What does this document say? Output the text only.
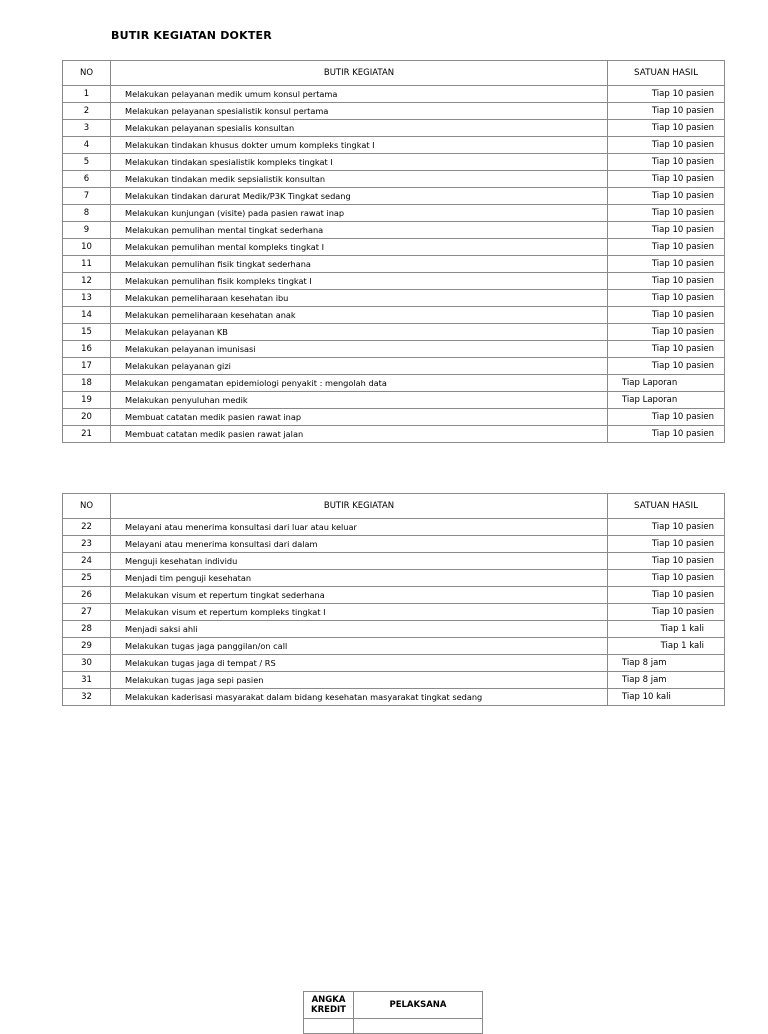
BUTIR KEGIATAN DOKTER
NO	BUTIR KEGIATAN	SATUAN HASIL
1	Melakukan pelayanan medik umum konsul pertama	Tiap 10 pasien
2	Melakukan pelayanan spesialistik konsul pertama	Tiap 10 pasien
3	Melakukan pelayanan spesialis konsultan	Tiap 10 pasien
4	Melakukan tindakan khusus dokter umum kompleks tingkat I	Tiap 10 pasien
5	Melakukan tindakan spesialistik kompleks tingkat I	Tiap 10 pasien
6	Melakukan tindakan medik sepsialistik konsultan	Tiap 10 pasien
7	Melakukan tindakan darurat Medik/P3K Tingkat sedang	Tiap 10 pasien
8	Melakukan kunjungan (visite) pada pasien rawat inap	Tiap 10 pasien
9	Melakukan pemulihan mental tingkat sederhana	Tiap 10 pasien
10	Melakukan pemulihan mental kompleks tingkat I	Tiap 10 pasien
11	Melakukan pemulihan fisik tingkat sederhana	Tiap 10 pasien
12	Melakukan pemulihan fisik kompleks tingkat I	Tiap 10 pasien
13	Melakukan pemeliharaan kesehatan ibu	Tiap 10 pasien
14	Melakukan pemeliharaan kesehatan anak	Tiap 10 pasien
15	Melakukan pelayanan KB	Tiap 10 pasien
16	Melakukan pelayanan imunisasi	Tiap 10 pasien
17	Melakukan pelayanan gizi	Tiap 10 pasien
18	Melakukan pengamatan epidemiologi penyakit : mengolah data	Tiap Laporan
19	Melakukan penyuluhan medik	Tiap Laporan
20	Membuat catatan medik pasien rawat inap	Tiap 10 pasien
21	Membuat catatan medik pasien rawat jalan	Tiap 10 pasien
NO	BUTIR KEGIATAN	SATUAN HASIL
22	Melayani atau menerima konsultasi dari luar atau keluar	Tiap 10 pasien
23	Melayani atau menerima konsultasi dari dalam	Tiap 10 pasien
24	Menguji kesehatan individu	Tiap 10 pasien
25	Menjadi tim penguji kesehatan	Tiap 10 pasien
26	Melakukan visum et repertum tingkat sederhana	Tiap 10 pasien
27	Melakukan visum et repertum kompleks tingkat I	Tiap 10 pasien
28	Menjadi saksi ahli	Tiap 1 kali
29	Melakukan tugas jaga panggilan/on call	Tiap 1 kali
30	Melakukan tugas jaga di tempat / RS	Tiap 8 jam
31	Melakukan tugas jaga sepi pasien	Tiap 8 jam
32	Melakukan kaderisasi masyarakat dalam bidang kesehatan masyarakat tingkat sedang	Tiap 10 kali
ANGKA
KREDIT	PELAKSANA
